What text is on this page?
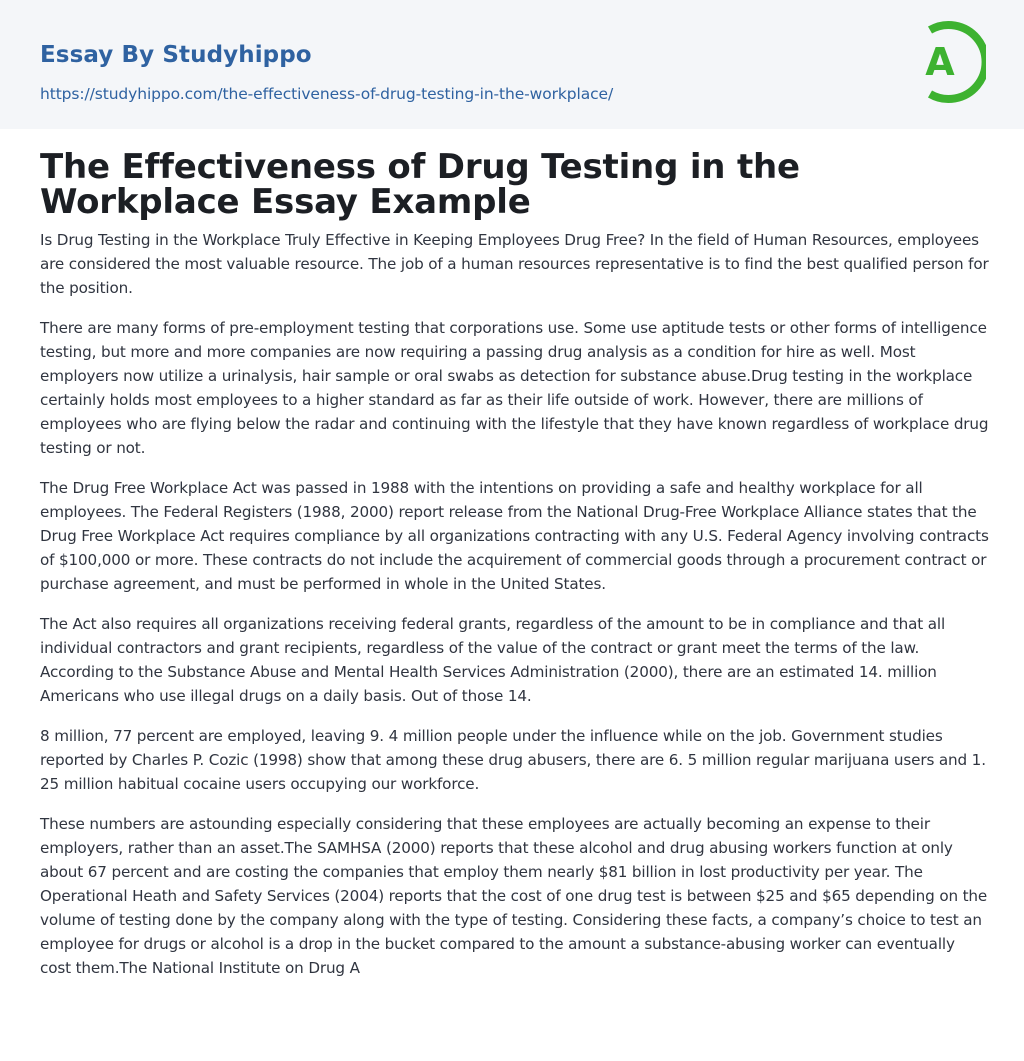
Essay By Studyhippo
https://studyhippo.com/the-effectiveness-of-drug-testing-in-the-workplace/
A
The Effectiveness of Drug Testing in the Workplace Essay Example

Is Drug Testing in the Workplace Truly Effective in Keeping Employees Drug Free? In the field of Human Resources, employees are considered the most valuable resource. The job of a human resources representative is to find the best qualified person for the position.

There are many forms of pre-employment testing that corporations use. Some use aptitude tests or other forms of intelligence testing, but more and more companies are now requiring a passing drug analysis as a condition for hire as well. Most employers now utilize a urinalysis, hair sample or oral swabs as detection for substance abuse.Drug testing in the workplace certainly holds most employees to a higher standard as far as their life outside of work. However, there are millions of employees who are flying below the radar and continuing with the lifestyle that they have known regardless of workplace drug testing or not.

The Drug Free Workplace Act was passed in 1988 with the intentions on providing a safe and healthy workplace for all employees. The Federal Registers (1988, 2000) report release from the National Drug-Free Workplace Alliance states that the Drug Free Workplace Act requires compliance by all organizations contracting with any U.S. Federal Agency involving contracts of $100,000 or more. These contracts do not include the acquirement of commercial goods through a procurement contract or purchase agreement, and must be performed in whole in the United States.

The Act also requires all organizations receiving federal grants, regardless of the amount to be in compliance and that all individual contractors and grant recipients, regardless of the value of the contract or grant meet the terms of the law. According to the Substance Abuse and Mental Health Services Administration (2000), there are an estimated 14. million Americans who use illegal drugs on a daily basis. Out of those 14.

8 million, 77 percent are employed, leaving 9. 4 million people under the influence while on the job. Government studies reported by Charles P. Cozic (1998) show that among these drug abusers, there are 6. 5 million regular marijuana users and 1. 25 million habitual cocaine users occupying our workforce.

These numbers are astounding especially considering that these employees are actually becoming an expense to their employers, rather than an asset.The SAMHSA (2000) reports that these alcohol and drug abusing workers function at only about 67 percent and are costing the companies that employ them nearly $81 billion in lost productivity per year. The Operational Heath and Safety Services (2004) reports that the cost of one drug test is between $25 and $65 depending on the volume of testing done by the company along with the type of testing. Considering these facts, a company’s choice to test an employee for drugs or alcohol is a drop in the bucket compared to the amount a substance-abusing worker can eventually cost them.The National Institute on Drug A
